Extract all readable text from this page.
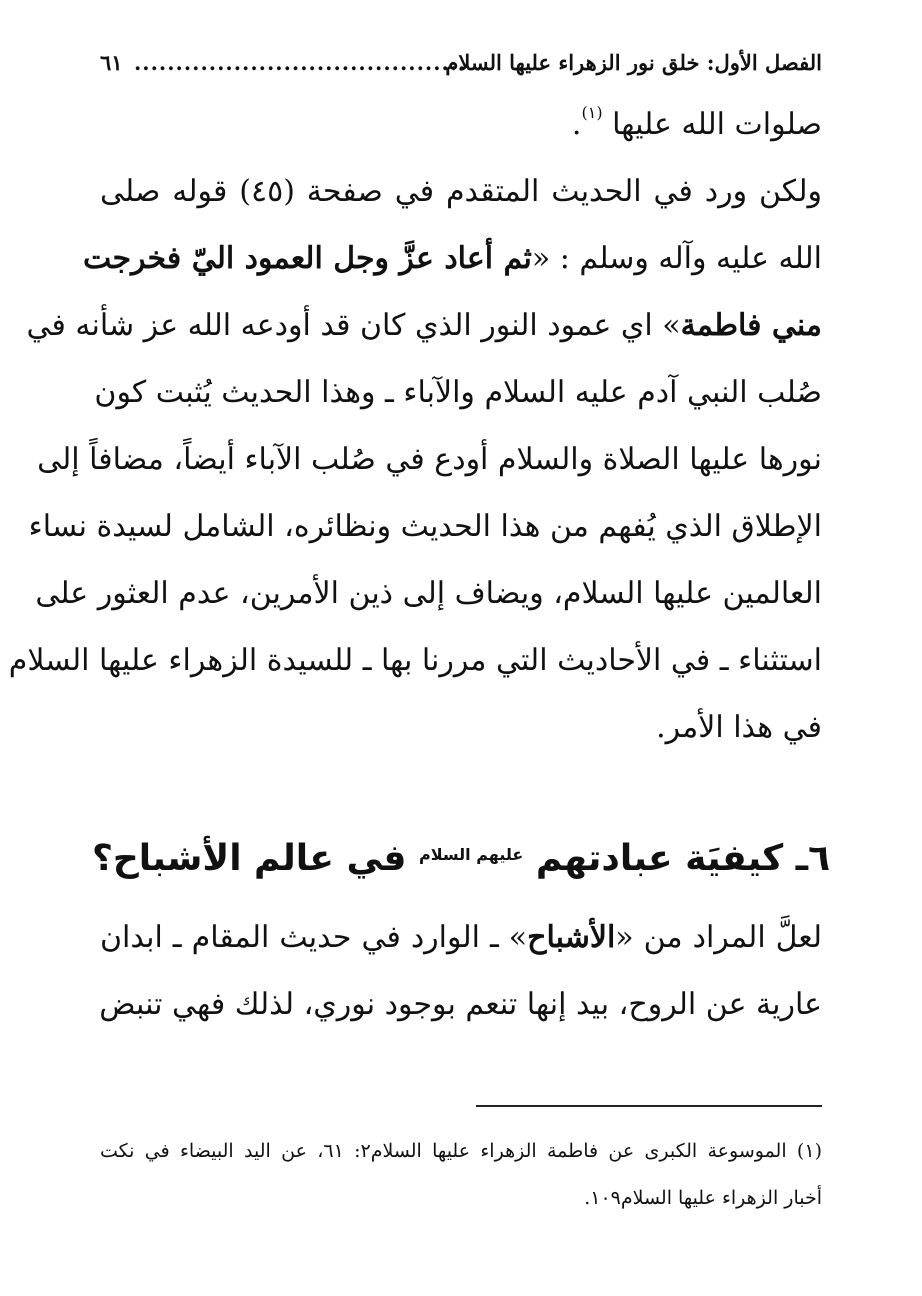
الفصل الأول: خلق نور الزهراء عليها السلام
........................................
٦١
صلوات الله عليها $^{(١)}$.
ولكن ورد في الحديث المتقدم في صفحة (٤٥) قوله صلى
الله عليه وآله وسلم : «ثم أعاد عزَّ وجل العمود اليّ فخرجت
مني فاطمة» اي عمود النور الذي كان قد أودعه الله عز شأنه في
صُلب النبي آدم عليه السلام والآباء ـ وهذا الحديث يُثبت كون
نورها عليها الصلاة والسلام أودع في صُلب الآباء أيضاً، مضافاً إلى
الإطلاق الذي يُفهم من هذا الحديث ونظائره، الشامل لسيدة نساء
العالمين عليها السلام، ويضاف إلى ذين الأمرين، عدم العثور على
استثناء ـ في الأحاديث التي مررنا بها ـ للسيدة الزهراء عليها السلام
في هذا الأمر.
٦ـ كيفيَة عبادتهم $^{عليهم السلام}$ في عالم الأشباح؟
لعلَّ المراد من «الأشباح» ـ الوارد في حديث المقام ـ ابدان
عارية عن الروح، بيد إنها تنعم بوجود نوري، لذلك فهي تنبض
(١) الموسوعة الكبرى عن فاطمة الزهراء عليها السلام٢: ٦١، عن اليد البيضاء في نكت
أخبار الزهراء عليها السلام١٠٩.
